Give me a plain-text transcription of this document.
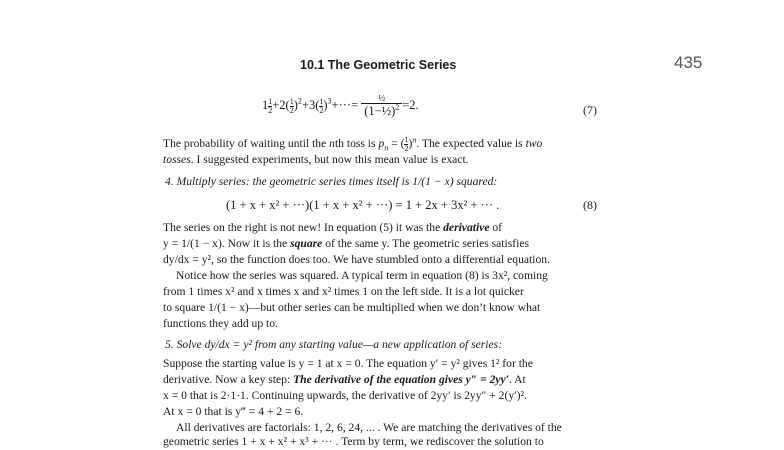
10.1 The Geometric Series	435
$1 \frac{1}{2} +2( \frac{1}{2} )^2+3( \frac{1}{2} )^3+\cdot\cdot\cdot= \frac{\text{½}}{(1-\frac{1}{2})^2} =2$.	(7)
The probability of waiting until the nth toss is $p_n$ = ( $\frac{1}{2} )^n$. The expected value is two
tosses. I suggested experiments, but now this mean value is exact.
4. Multiply series: the geometric series times itself is 1/(1 − x) squared:
(1 + x + x² + ···)(1 + x + x² + ···) = 1 + 2x + 3x² + ··· .	(8)
The series on the right is not new! In equation (5) it was the derivative of
y = 1/(1 − x). Now it is the square of the same y. The geometric series satisfies
dy/dx = y², so the function does too. We have stumbled onto a differential equation.
Notice how the series was squared. A typical term in equation (8) is 3x², coming
from 1 times x² and x times x and x² times 1 on the left side. It is a lot quicker
to square 1/(1 − x)—but other series can be multiplied when we don’t know what
functions they add up to.
5. Solve dy/dx = y² from any starting value—a new application of series:
Suppose the starting value is y = 1 at x = 0. The equation y′ = y² gives 1² for the
derivative. Now a key step: The derivative of the equation gives y″ = 2yy′. At
x = 0 that is 2·1·1. Continuing upwards, the derivative of 2yy′ is 2yy″ + 2(y′)².
At x = 0 that is y‴ = 4 + 2 = 6.
All derivatives are factorials: 1, 2, 6, 24, ... . We are matching the derivatives of the
geometric series 1 + x + x² + x³ + ··· . Term by term, we rediscover the solution to
